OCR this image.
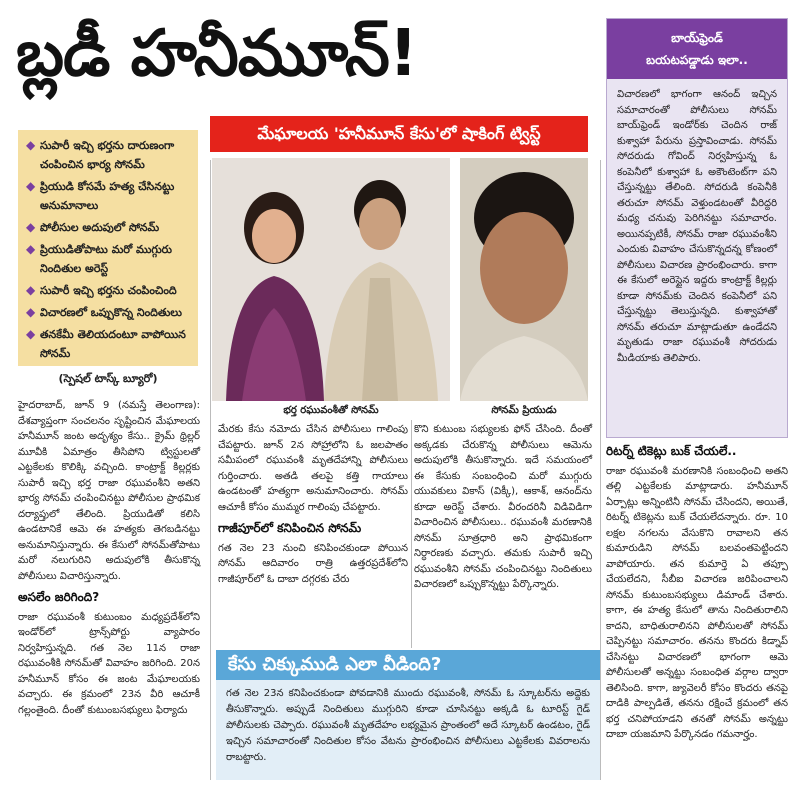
బ్లడీ హనీమూన్!
మేఘాలయ 'హనీమూన్ కేసు'లో షాకింగ్ ట్విస్ట్
◆ సుపారీ ఇచ్చి భర్తను దారుణంగా చంపించిన భార్య సోనమ్
◆ ప్రియుడి కోసమే హత్య చేసినట్టు అనుమానాలు
◆ పోలీసుల అదుపులో సోనమ్
◆ ప్రియుడితోపాటు మరో ముగ్గురు నిందితుల అరెస్ట్
◆ సుపారీ ఇచ్చి భర్తను చంపించింది
◆ విచారణలో ఒప్పుకొన్న నిందితులు
◆ తనకేమీ తెలియదంటూ వాపోయిన సోనమ్
భర్త రఘువంశీతో సోనమ్	సోనమ్ ప్రియుడు
(స్పెషల్ టాస్క్ బ్యూరో)

హైదరాబాద్, జూన్ 9 (నమస్తే తెలంగాణ): దేశవ్యాప్తంగా సంచలనం సృష్టించిన మేఘాలయ హనీమూన్ జంట అదృశ్యం కేసు.. క్రైమ్ థ్రిల్లర్ మూవీకి ఏమాత్రం తీసిపోని ట్విస్టులతో ఎట్టకేలకు కొలిక్కి వచ్చింది. కాంట్రాక్ట్ కిల్లర్లకు సుపారీ ఇచ్చి భర్త రాజా రఘువంశీని అతని భార్య సోనమ్ చంపించినట్టు పోలీసుల ప్రాథమిక దర్యాప్తులో తేలింది. ప్రియుడితో కలిసి ఉండటానికే ఆమె ఈ హత్యకు తెగబడినట్టు అనుమానిస్తున్నారు. ఈ కేసులో సోనమ్‌తోపాటు మరో నలుగురిని అదుపులోకి తీసుకొన్న పోలీసులు విచారిస్తున్నారు.

అసలేం జరిగింది?

రాజా రఘువంశీ కుటుంబం మధ్యప్రదేశ్‌లోని ఇండోర్‌లో ట్రాన్స్‌పోర్టు వ్యాపారం నిర్వహిస్తున్నది. గత నెల 11న రాజా రఘువంశీకి సోనమ్‌తో వివాహం జరిగింది. 20న హనీమూన్ కోసం ఈ జంట మేఘాలయకు వచ్చారు. ఈ క్రమంలో 23న వీరి ఆచూకీ గల్లంతైంది. దీంతో కుటుంబసభ్యులు ఫిర్యాదు

మేరకు కేసు నమోదు చేసిన పోలీసులు గాలింపు చేపట్టారు. జూన్ 2న సోహ్రాలోని ఓ జలపాతం సమీపంలో రఘువంశీ మృతదేహాన్ని పోలీసులు గుర్తించారు. అతడి తలపై కత్తి గాయాలు ఉండటంతో హత్యగా అనుమానించారు. సోనమ్ ఆచూకీ కోసం ముమ్మర గాలింపు చేపట్టారు.

గాజీపూర్‌లో కనిపించిన సోనమ్

గత నెల 23 నుంచి కనిపించకుండా పోయిన సోనమ్ ఆదివారం రాత్రి ఉత్తరప్రదేశ్‌లోని గాజీపూర్‌లో ఓ దాబా దగ్గరకు చేరు

కొని కుటుంబ సభ్యులకు ఫోన్ చేసింది. దీంతో అక్కడకు చేరుకొన్న పోలీసులు ఆమెను అదుపులోకి తీసుకొన్నారు. ఇదే సమయంలో ఈ కేసుకు సంబంధించి మరో ముగ్గురు యువకులు వికాస్ (విక్కీ), ఆకాశ్, ఆనంద్‌ను కూడా అరెస్ట్ చేశారు. వీరందరినీ విడివిడిగా విచారించిన పోలీసులు.. రఘువంశీ మరణానికి సోనమ్ సూత్రధారి అని ప్రాథమికంగా నిర్ధారణకు వచ్చారు. తమకు సుపారీ ఇచ్చి రఘువంశీని సోనమ్ చంపించినట్టు నిందితులు విచారణలో ఒప్పుకొన్నట్టు పేర్కొన్నారు.

బాయ్‌ఫ్రెండ్
బయటపడ్డాడు ఇలా..
విచారణలో భాగంగా ఆనంద్ ఇచ్చిన సమాచారంతో పోలీసులు సోనమ్ బాయ్‌ఫ్రెండ్ ఇండోర్‌కు చెందిన రాజ్ కుశ్వాహా పేరును ప్రస్తావించాడు. సోనమ్ సోదరుడు గోవింద్ నిర్వహిస్తున్న ఓ కంపెనీలో కుశ్వాహా ఓ అకౌంటెంట్‌గా పని చేస్తున్నట్టు తేలింది. సోదరుడి కంపెనీకి తరుచూ సోనమ్ వెళ్తుండటంతో వీరిద్దరి మధ్య చనువు పెరిగినట్టు సమాచారం. అయినప్పటికీ, సోనమ్ రాజా రఘువంశీని ఎందుకు వివాహం చేసుకొన్నదన్న కోణంలో పోలీసులు విచారణ ప్రారంభించారు. కాగా ఈ కేసులో అరెస్టైన ఇద్దరు కాంట్రాక్ట్ కిల్లర్లు కూడా సోనమ్‌కు చెందిన కంపెనీలో పని చేస్తున్నట్టు తెలుస్తున్నది. కుశ్వాహాతో సోనమ్ తరుచూ మాట్లాడుతూ ఉండేదని మృతుడు రాజా రఘువంశీ సోదరుడు మీడియాకు తెలిపారు.
రిటర్న్ టికెట్లు బుక్ చేయలే..

రాజా రఘువంశీ మరణానికి సంబంధించి అతని తల్లి ఎట్టకేలకు మాట్లాడారు. హనీమూన్ ఏర్పాట్లు అన్నింటినీ సోనమ్ చేసిందని, అయితే, రిటర్న్ టికెట్లను బుక్ చేయలేదన్నారు. రూ. 10 లక్షల నగలను వేసుకొని రావాలని తన కుమారుడిని సోనమ్ బలవంతపెట్టిందని వాపోయారు. తన కుమార్తె ఏ తప్పూ చేయలేదని, సీబీఐ విచారణ జరిపించాలని సోనమ్ కుటుంబసభ్యులు డిమాండ్ చేశారు. కాగా, ఈ హత్య కేసులో తాను నిందితురాలిని కాదని, బాధితురాలినని పోలీసులతో సోనమ్ చెప్పినట్టు సమాచారం. తనను కొందరు కిడ్నాప్ చేసినట్టు విచారణలో భాగంగా ఆమె పోలీసులతో అన్నట్టు సంబంధిత వర్గాల ద్వారా తెలిసింది. కాగా, జ్యువెలరీ కోసం కొందరు తనపై దాడికి పాల్పడితే, తనను రక్షించే క్రమంలో తన భర్త చనిపోయాడని తనతో సోనమ్ అన్నట్టు దాబా యజమాని పేర్కొనడం గమనార్హం.

కేసు చిక్కుముడి ఎలా వీడింది?
గత నెల 23న కనిపించకుండా పోవడానికి ముందు రఘువంశీ, సోనమ్ ఓ స్కూటర్‌ను అద్దెకు తీసుకొన్నారు. అప్పుడే నిందితులు ముగ్గురిని కూడా చూసినట్టు అక్కడి ఓ టూరిస్ట్ గైడ్ పోలీసులకు చెప్పారు. రఘువంశీ మృతదేహం లభ్యమైన ప్రాంతంలో అదే స్కూటర్ ఉండటం, గైడ్ ఇచ్చిన సమాచారంతో నిందితుల కోసం వేటను ప్రారంభించిన పోలీసులు ఎట్టకేలకు వివరాలను రాబట్టారు.
